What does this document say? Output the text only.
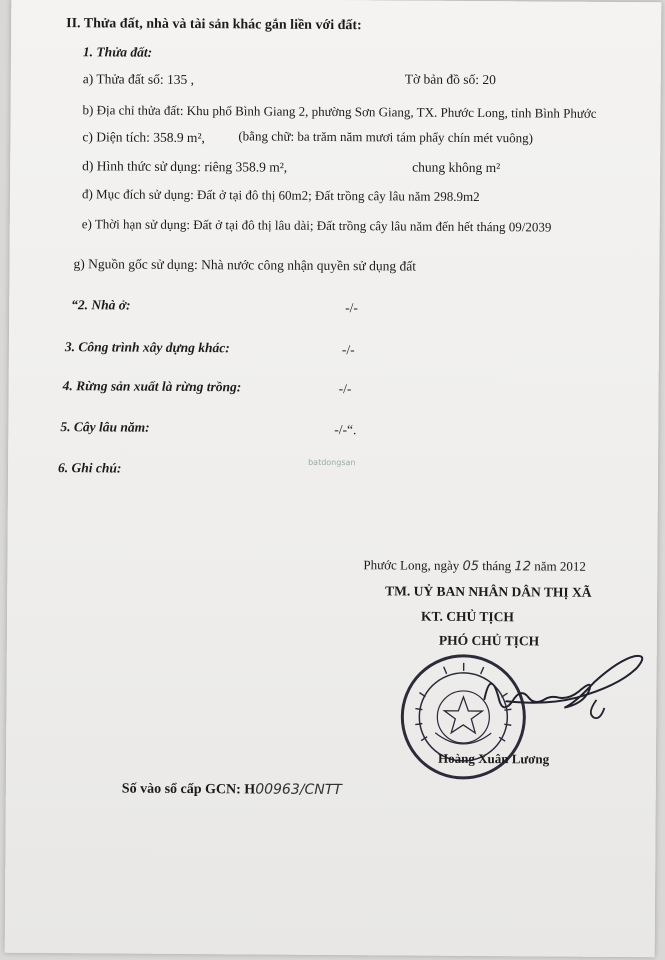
II. Thửa đất, nhà và tài sản khác gắn liền với đất:
1. Thửa đất:
a) Thửa đất số: 135 ,	Tờ bản đồ số: 20
b) Địa chỉ thửa đất: Khu phố Bình Giang 2, phường Sơn Giang, TX. Phước Long, tỉnh Bình Phước
c) Diện tích: 358.9 m²,	(bằng chữ: ba trăm năm mươi tám phẩy chín mét vuông)
d) Hình thức sử dụng: riêng 358.9 m²,	chung không m²
đ) Mục đích sử dụng: Đất ở tại đô thị 60m2; Đất trồng cây lâu năm 298.9m2
e) Thời hạn sử dụng: Đất ở tại đô thị lâu dài; Đất trồng cây lâu năm đến hết tháng 09/2039
g) Nguồn gốc sử dụng: Nhà nước công nhận quyền sử dụng đất
“2. Nhà ở:	-/-
3. Công trình xây dựng khác:	-/-
4. Rừng sản xuất là rừng trồng:	-/-
5. Cây lâu năm:	-/-“.
6. Ghi chú:	batdongsan
Phước Long, ngày 05 tháng 12 năm 2012
TM. UỶ BAN NHÂN DÂN THỊ XÃ
KT. CHỦ TỊCH
PHÓ CHỦ TỊCH
Hoàng Xuân Lương
Số vào sổ cấp GCN: H00963/CNTT
